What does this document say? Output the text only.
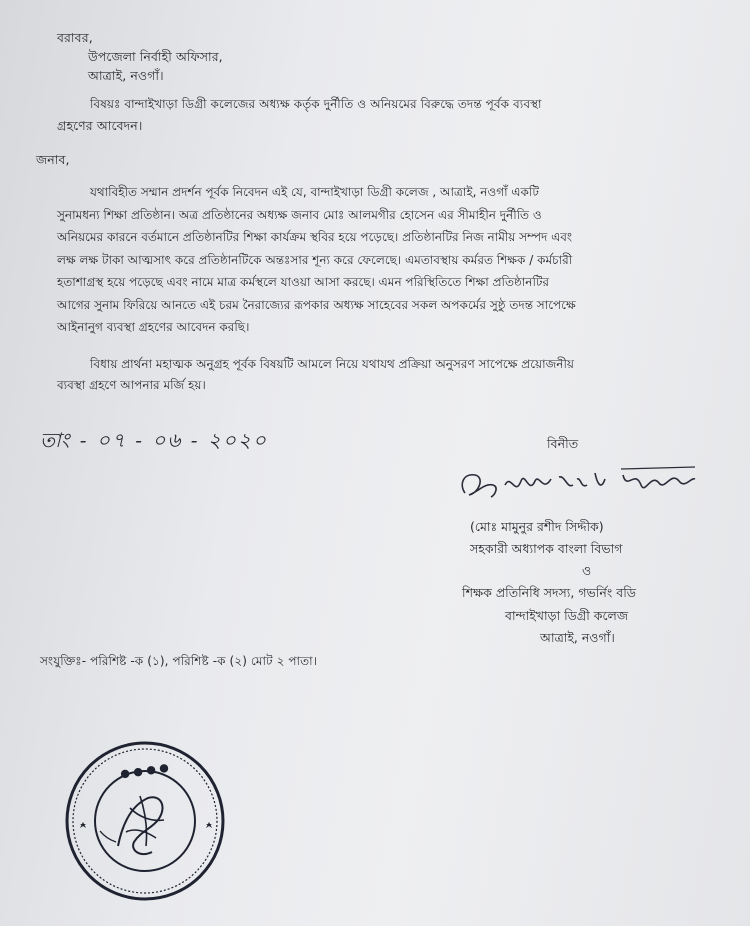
বরাবর,
উপজেলা নির্বাহী অফিসার,
আত্রাই, নওগাঁ।
বিষয়ঃ বান্দাইখাড়া ডিগ্রী কলেজের অধ্যক্ষ কর্তৃক দুর্নীতি ও অনিয়মের বিরুদ্ধে তদন্ত পূর্বক ব্যবস্থা
গ্রহণের আবেদন।
জনাব,
যথাবিহীত সম্মান প্রদর্শন পূর্বক নিবেদন এই যে, বান্দাইখাড়া ডিগ্রী কলেজ , আত্রাই, নওগাঁ একটি
সুনামধন্য শিক্ষা প্রতিষ্ঠান। অত্র প্রতিষ্ঠানের অধ্যক্ষ জনাব মোঃ আলমগীর হোসেন এর সীমাহীন দুর্নীতি ও
অনিয়মের কারনে বর্তমানে প্রতিষ্ঠানটির শিক্ষা কার্যক্রম স্থবির হয়ে পড়েছে। প্রতিষ্ঠানটির নিজ নামীয় সম্পদ এবং
লক্ষ লক্ষ টাকা আত্মসাৎ করে প্রতিষ্ঠানটিকে অন্তঃসার শূন্য করে ফেলেছে। এমতাবস্থায় কর্মরত শিক্ষক / কর্মচারী
হতাশাগ্রস্থ হয়ে পড়েছে এবং নামে মাত্র কর্মস্থলে যাওয়া আসা করছে। এমন পরিস্থিতিতে শিক্ষা প্রতিষ্ঠানটির
আগের সুনাম ফিরিয়ে আনতে এই চরম নৈরাজ্যের রূপকার অধ্যক্ষ সাহেবের সকল অপকর্মের সুষ্ঠু তদন্ত সাপেক্ষে
আইনানুগ ব্যবস্থা গ্রহণের আবেদন করছি।
বিধায় প্রার্থনা মহাত্মক অনুগ্রহ পূর্বক বিষয়টি আমলে নিয়ে যথাযথ প্রক্রিয়া অনুসরণ সাপেক্ষে প্রয়োজনীয়
ব্যবস্থা গ্রহণে আপনার মর্জি হয়।
তাং - ০৭ - ০৬ - ২০২০	বিনীত
(মোঃ মামুনুর রশীদ সিদ্দীক)
সহকারী অধ্যাপক বাংলা বিভাগ
ও
শিক্ষক প্রতিনিধি সদস্য, গভর্নিং বডি
বান্দাইখাড়া ডিগ্রী কলেজ
আত্রাই, নওগাঁ।
সংযুক্তিঃ- পরিশিষ্ট -ক (১), পরিশিষ্ট -ক (২) মোট ২ পাতা।
● ● ● ●
